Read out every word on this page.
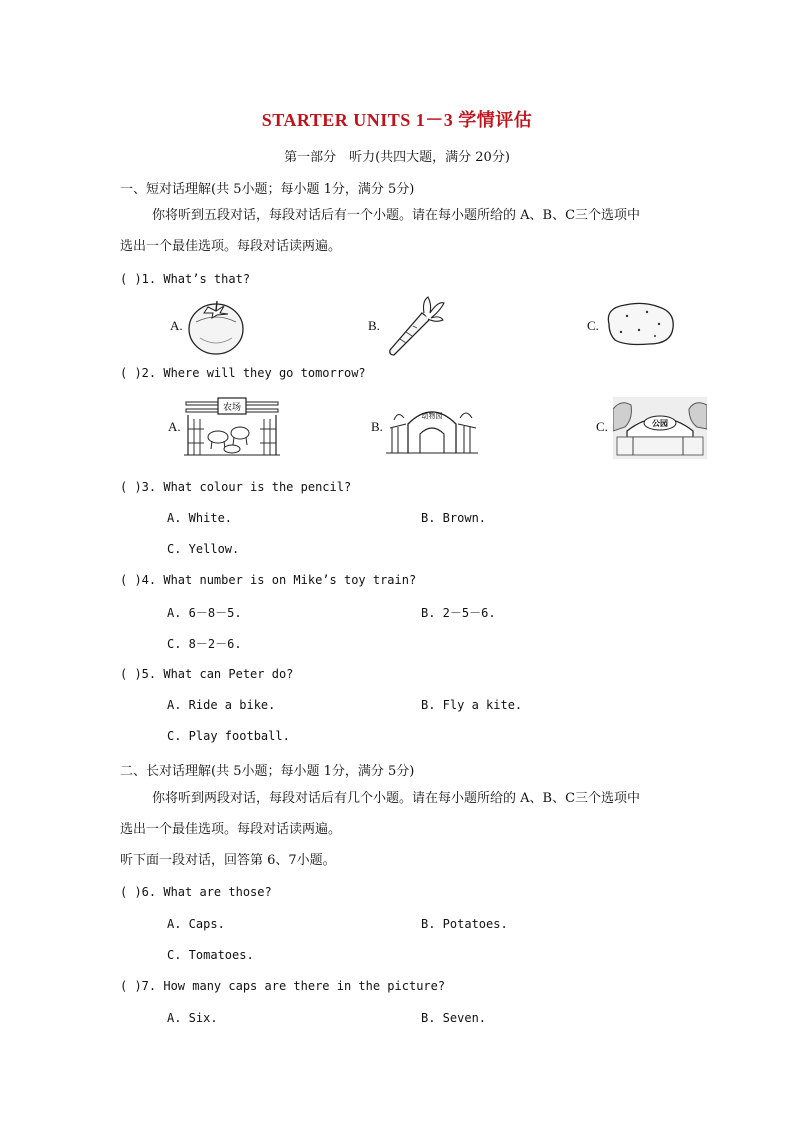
STARTER UNITS 1－3 学情评估
第一部分　听力(共四大题，满分 20分)
一、短对话理解(共 5小题；每小题 1分，满分 5分)
你将听到五段对话，每段对话后有一个小题。请在每小题所给的 A、B、C三个选项中
选出一个最佳选项。每段对话读两遍。
( )1. What’s that?
A.	B.	C.
( )2. Where will they go tomorrow?
A.
农场
B.
动物园
C.	公园
( )3. What colour is the pencil?
A. White.	B. Brown.
C. Yellow.
( )4. What number is on Mike’s toy train?
A. 6－8－5.	B. 2－5－6.
C. 8－2－6.
( )5. What can Peter do?
A. Ride a bike.	B. Fly a kite.
C. Play football.
二、长对话理解(共 5小题；每小题 1分，满分 5分)
你将听到两段对话，每段对话后有几个小题。请在每小题所给的 A、B、C三个选项中
选出一个最佳选项。每段对话读两遍。
听下面一段对话，回答第 6、7小题。
( )6. What are those?
A. Caps.	B. Potatoes.
C. Tomatoes.
( )7. How many caps are there in the picture?
A. Six.	B. Seven.
